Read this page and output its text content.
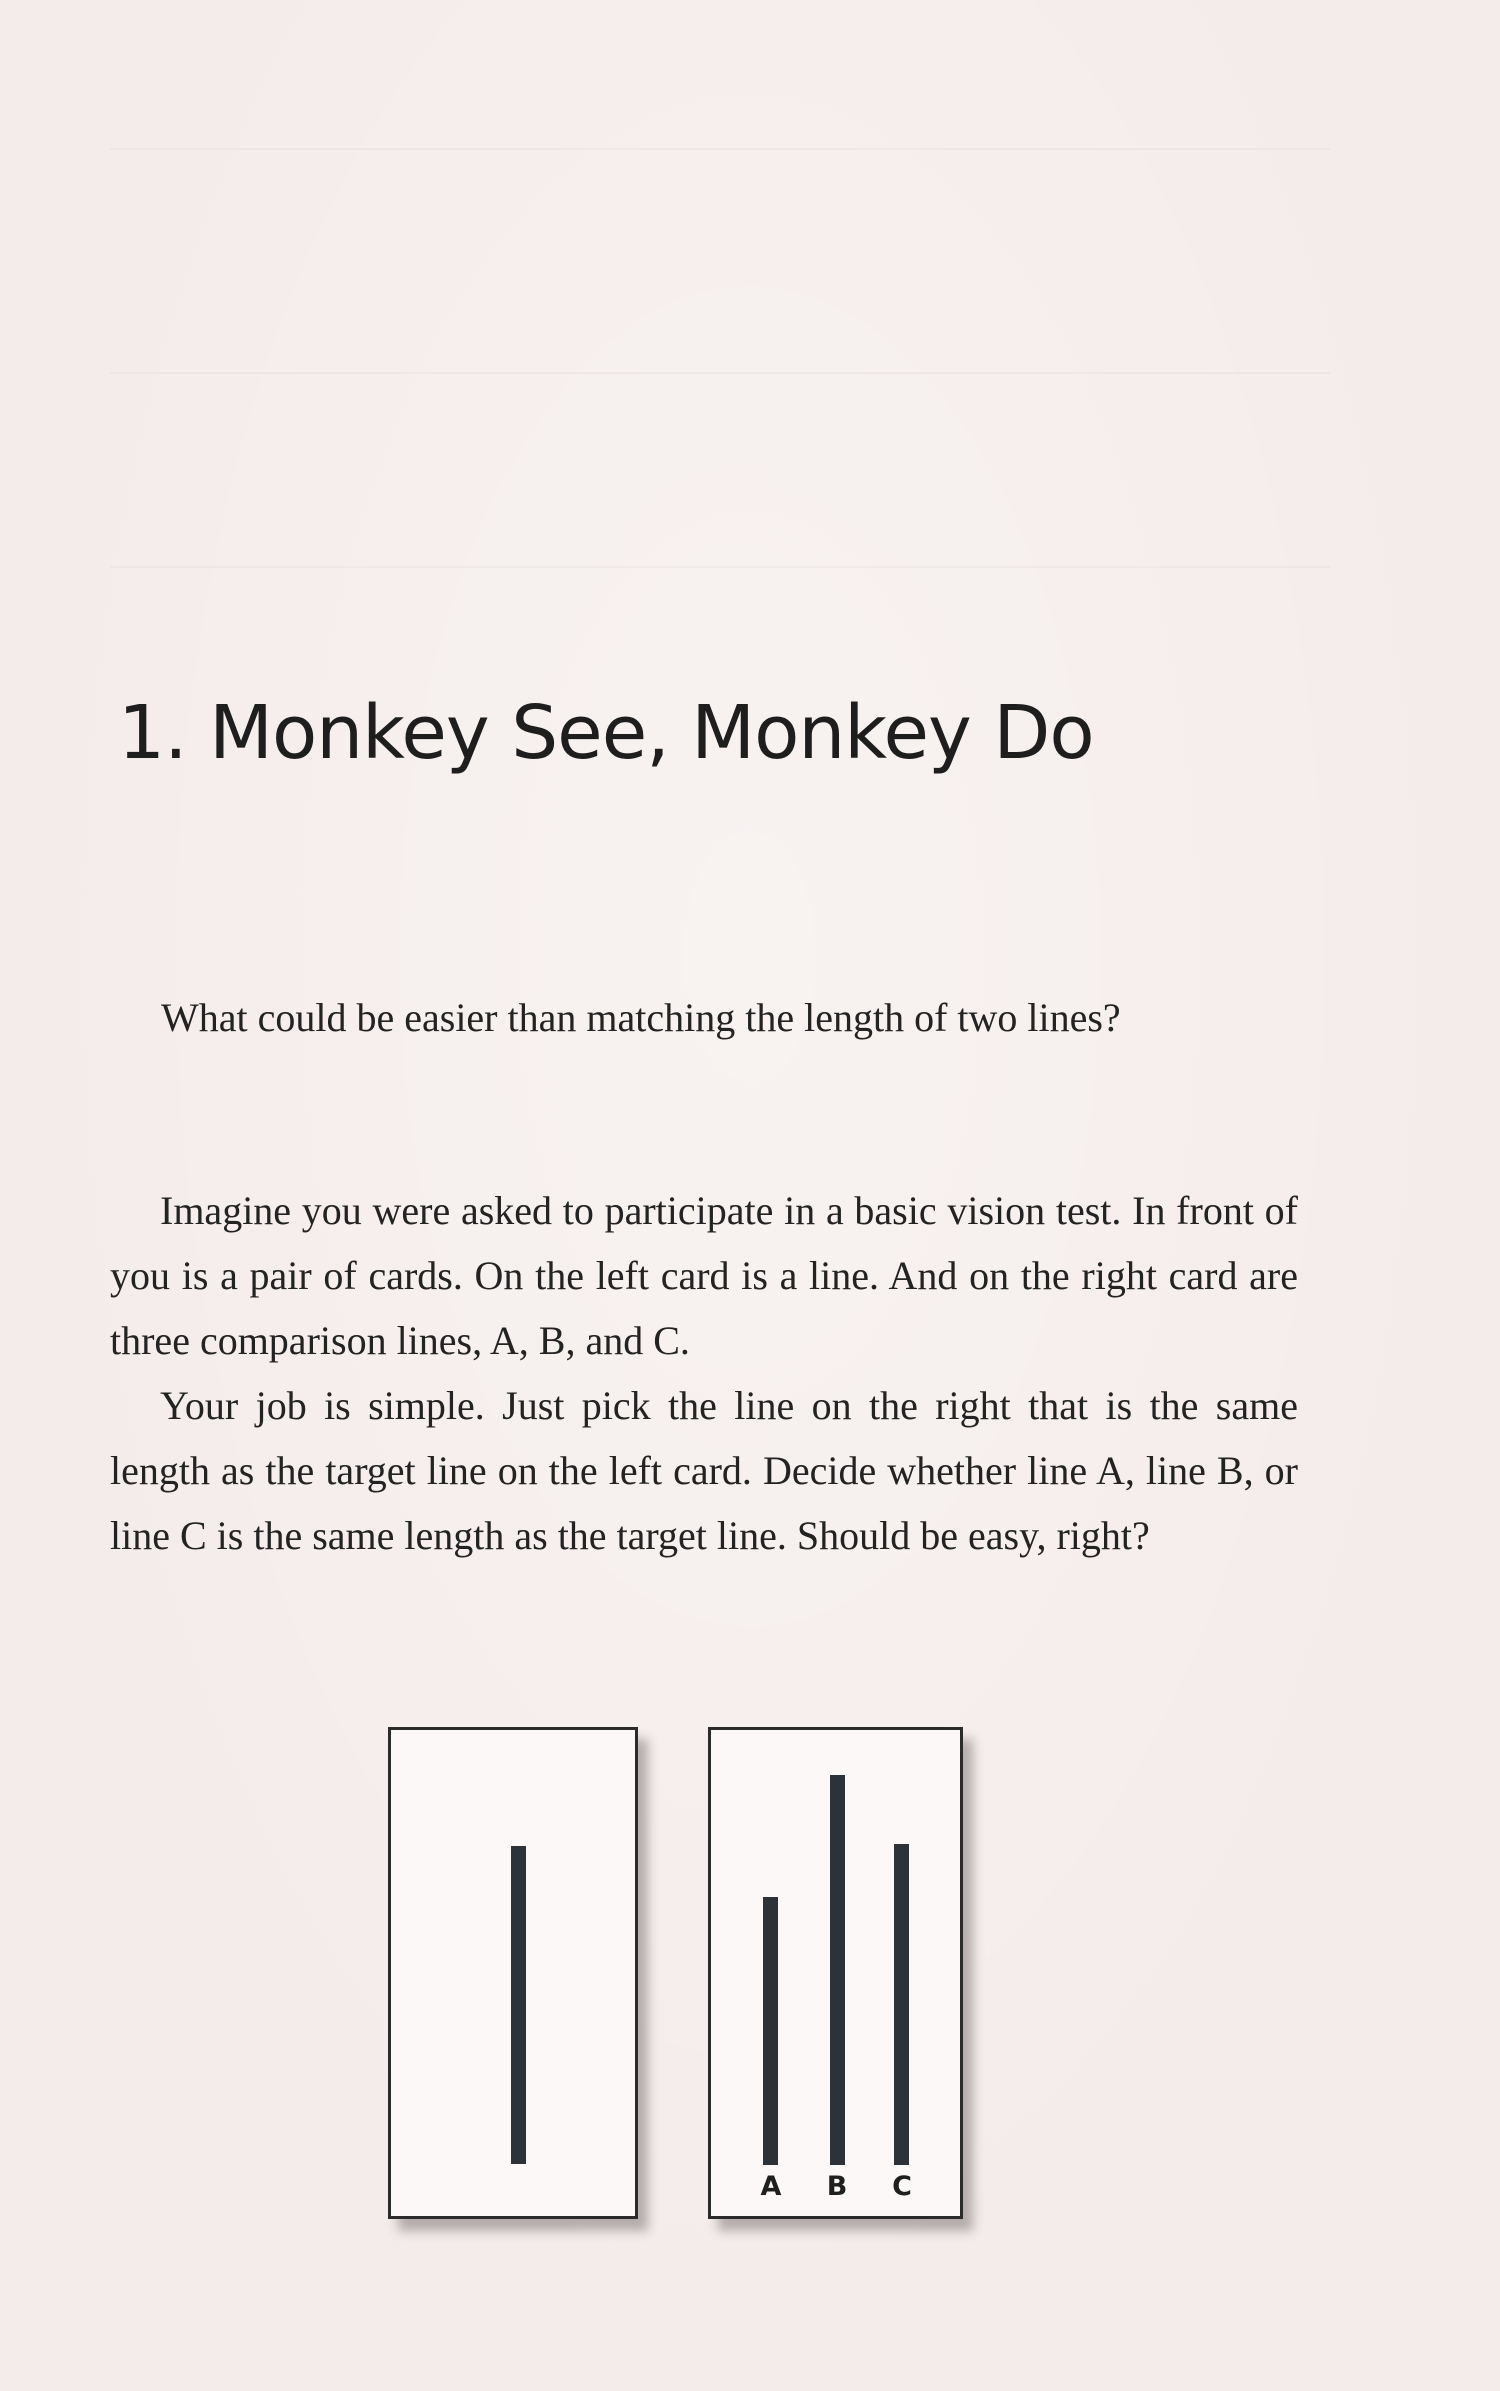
1. Monkey See, Monkey Do

What could be easier than matching the length of two lines?

Imagine you were asked to participate in a basic vision test. In front of you is a pair of cards. On the left card is a line. And on the right card are three comparison lines, A, B, and C.

Your job is simple. Just pick the line on the right that is the same length as the target line on the left card. Decide whether line A, line B, or line C is the same length as the target line. Should be easy, right?

A	B	C
